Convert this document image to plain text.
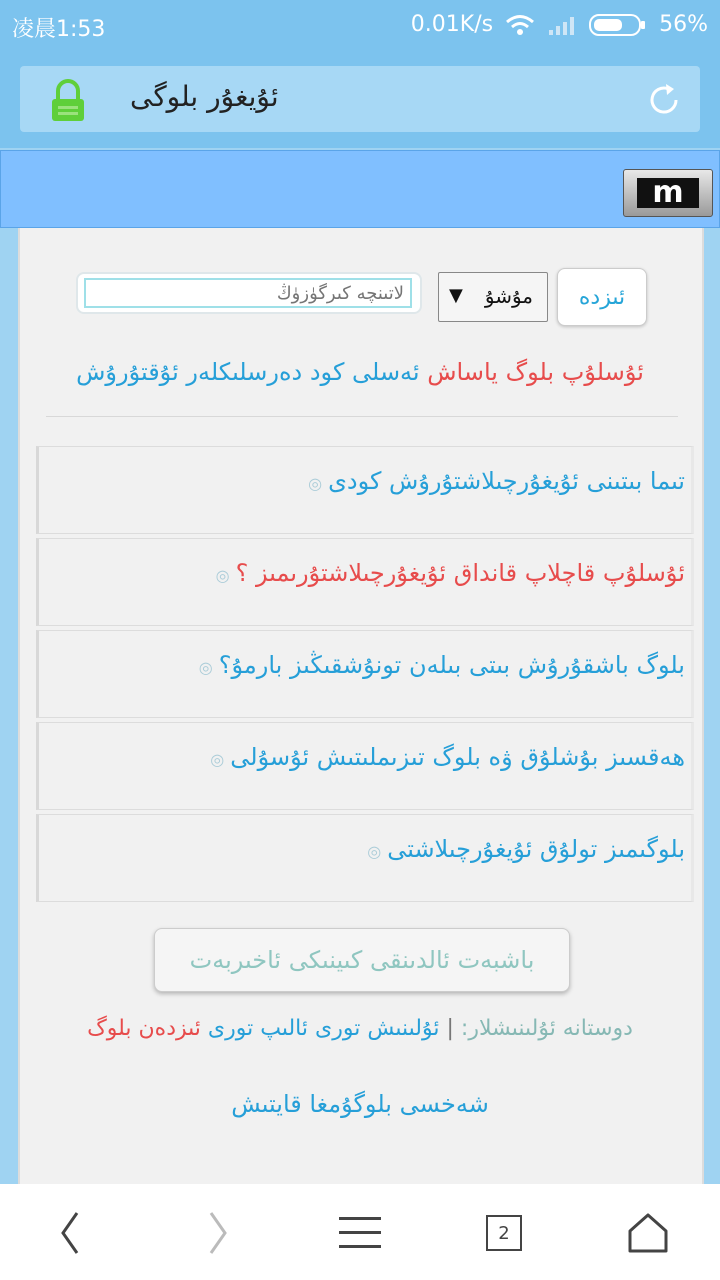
凌晨1:53	0.01K/s	56%
ئۇيغۇر بلوگى
m
لاتىنچە كىرگۈزۈڭ
▼ مۇشۇ	ئىزدە
ئۇسلۇپ بلوگ ياساش ئەسلى كود دەرسلىكلەر ئۇقتۇرۇش
تىما بىتىنى ئۇيغۇرچىلاشتۇرۇش كودى◎
ئۇسلۇپ قاچلاپ قانداق ئۇيغۇرچىلاشتۇرىمىز ؟◎
بلوگ باشقۇرۇش بىتى بىلەن تونۇشقىڭىز بارمۇ؟◎
ھەقسىز بۇشلۇق ۋە بلوگ تىزىملىتىش ئۇسۇلى◎
بلوگىمىز تولۇق ئۇيغۇرچىلاشتى◎
باشبەت ئالدىنقى كىينىكى ئاخىربەت
دوستانە ئۇلىنىشلار: | ئۇلىنىش تورى ئالىپ تورى ئىزدەن بلوگ
شەخسى بلوگۇمغا قايتىش
2
